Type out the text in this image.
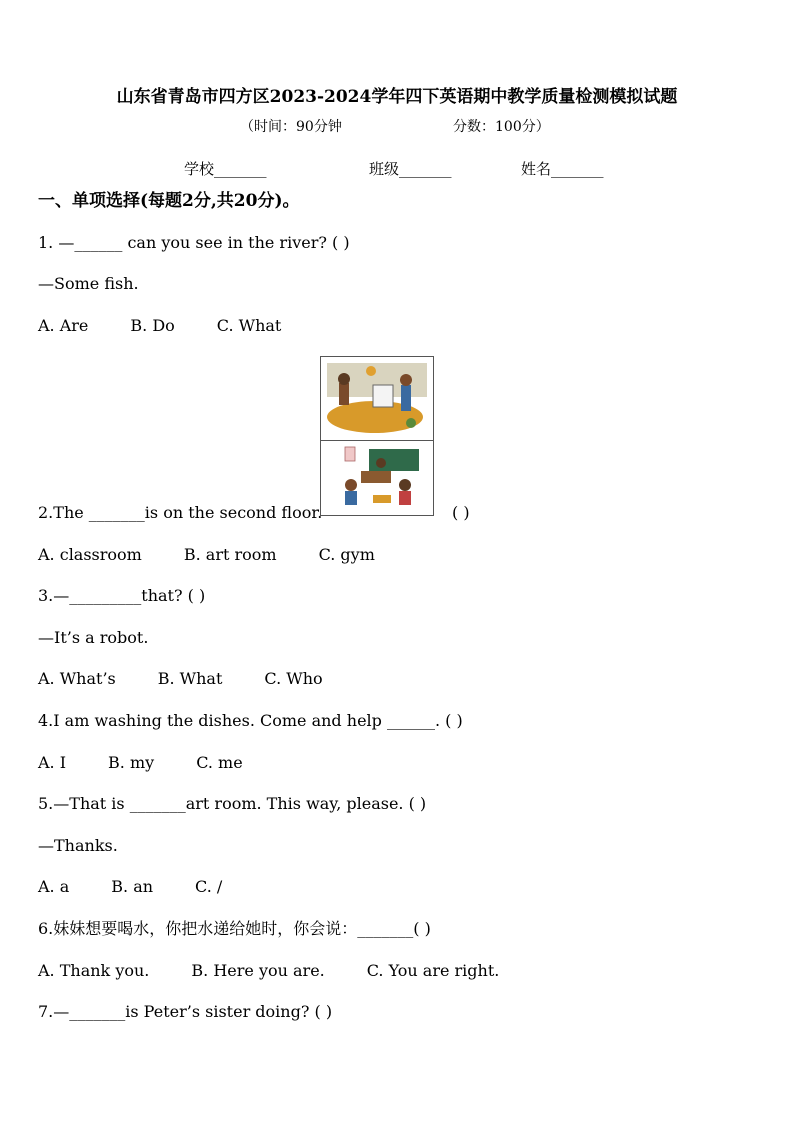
山东省青岛市四方区2023-2024学年四下英语期中教学质量检测模拟试题
（时间：90分钟	分数：100分）
学校_______	班级_______	姓名_______
一、单项选择(每题2分,共20分)。
1. —______ can you see in the river? ( )
—Some fish.
A. Are	B. Do	C. What
2.The _______is on the second floor.	( )
A. classroom	B. art room	C. gym
3.—_________that? ( )
—It’s a robot.
A. What’s	B. What	C. Who
4.I am washing the dishes. Come and help ______. ( )
A. I	B. my	C. me
5.—That is _______art room. This way, please. ( )
—Thanks.
A. a	B. an	C. /
6.妹妹想要喝水，你把水递给她时，你会说：_______( )
A. Thank you.	B. Here you are.	C. You are right.
7.—_______is Peter’s sister doing? ( )
